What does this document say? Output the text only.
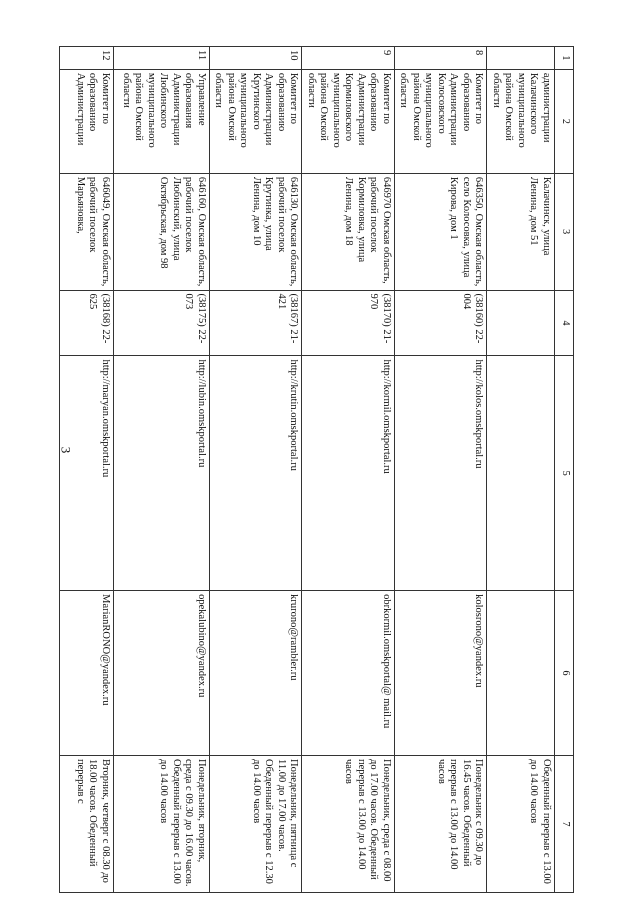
3
1	2	3	4	5	6	7
	администрации Калачинского муниципального района Омской области	Калачинск, улица Ленина, дом 51				Обеденный перерыв с 13.00 до 14.00 часов
8	Комитет по образованию Администрации Колосовского муниципального района Омской области	646350, Омская область, село Колосовка, улица Кирова, дом 1	(38160) 22-004	http://kolos.omskportal.ru	kolosrono@yandex.ru	Понедельник с 09.30 до 16.45 часов. Обеденный перерыв с 13.00 до 14.00 часов
9	Комитет по образованию Администрации Кормиловского муниципального района Омской области	646970 Омская область, рабочий поселок Кормиловка, улица Ленина, дом 18	(38170) 21-970	http://kormil.omskportal.ru	obrkormil.omskportal@ mail.ru	Понедельник, среда с 08.00 до 17.00 часов. Обеденный перерыв с 13.00 до 14.00 часов
10	Комитет по образованию Администрации Крутинского муниципального района Омской области	646130, Омская область, рабочий поселок Крутинка, улица Ленина, дом 10	(38167) 21-421	http://krutin.omskportal.ru	krurono@rambler.ru	Понедельник, пятница с 11.00 до 17.00 часов. Обеденный перерыв с 12.30 до 14.00 часов
11	Управление образования Администрации Любинского муниципального района Омской области	646160, Омская область, рабочий поселок Любинский, улица Октябрьская, дом 98	(38175) 22-073	http://lubin.omskportal.ru	opekalubino@yandex.ru	Понедельник, вторник, среда с 09.30 до 16.00 часов. Обеденный перерыв с 13.00 до 14.00 часов
12	Комитет по образованию Администрации	646049, Омская область, рабочий поселок Марьяновка,	(38168) 22-625	http://maryan.omskportal.ru	MarianRONO@yandex.ru	Вторник, четверг с 08.30 до 18.00 часов. Обеденный перерыв с
